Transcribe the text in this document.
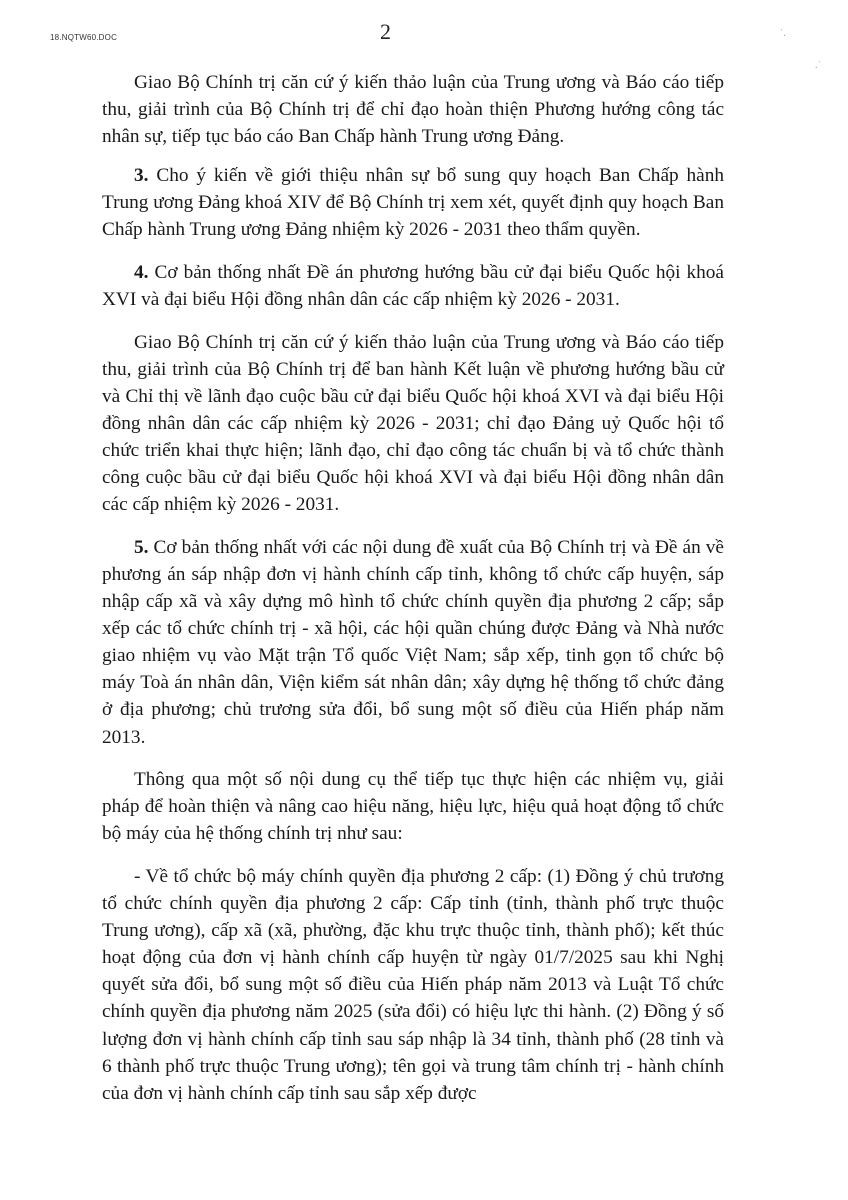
18.NQTW60.DOC	2	ˈ.
.ˈ

Giao Bộ Chính trị căn cứ ý kiến thảo luận của Trung ương và Báo cáo tiếp thu, giải trình của Bộ Chính trị để chỉ đạo hoàn thiện Phương hướng công tác nhân sự, tiếp tục báo cáo Ban Chấp hành Trung ương Đảng.

3. Cho ý kiến về giới thiệu nhân sự bổ sung quy hoạch Ban Chấp hành Trung ương Đảng khoá XIV để Bộ Chính trị xem xét, quyết định quy hoạch Ban Chấp hành Trung ương Đảng nhiệm kỳ 2026 - 2031 theo thẩm quyền.

4. Cơ bản thống nhất Đề án phương hướng bầu cử đại biểu Quốc hội khoá XVI và đại biểu Hội đồng nhân dân các cấp nhiệm kỳ 2026 - 2031.

Giao Bộ Chính trị căn cứ ý kiến thảo luận của Trung ương và Báo cáo tiếp thu, giải trình của Bộ Chính trị để ban hành Kết luận về phương hướng bầu cử và Chỉ thị về lãnh đạo cuộc bầu cử đại biểu Quốc hội khoá XVI và đại biểu Hội đồng nhân dân các cấp nhiệm kỳ 2026 - 2031; chỉ đạo Đảng uỷ Quốc hội tổ chức triển khai thực hiện; lãnh đạo, chỉ đạo công tác chuẩn bị và tổ chức thành công cuộc bầu cử đại biểu Quốc hội khoá XVI và đại biểu Hội đồng nhân dân các cấp nhiệm kỳ 2026 - 2031.

5. Cơ bản thống nhất với các nội dung đề xuất của Bộ Chính trị và Đề án về phương án sáp nhập đơn vị hành chính cấp tỉnh, không tổ chức cấp huyện, sáp nhập cấp xã và xây dựng mô hình tổ chức chính quyền địa phương 2 cấp; sắp xếp các tổ chức chính trị - xã hội, các hội quần chúng được Đảng và Nhà nước giao nhiệm vụ vào Mặt trận Tổ quốc Việt Nam; sắp xếp, tinh gọn tổ chức bộ máy Toà án nhân dân, Viện kiểm sát nhân dân; xây dựng hệ thống tổ chức đảng ở địa phương; chủ trương sửa đổi, bổ sung một số điều của Hiến pháp năm 2013.

Thông qua một số nội dung cụ thể tiếp tục thực hiện các nhiệm vụ, giải pháp để hoàn thiện và nâng cao hiệu năng, hiệu lực, hiệu quả hoạt động tổ chức bộ máy của hệ thống chính trị như sau:

- Về tổ chức bộ máy chính quyền địa phương 2 cấp: (1) Đồng ý chủ trương tổ chức chính quyền địa phương 2 cấp: Cấp tỉnh (tỉnh, thành phố trực thuộc Trung ương), cấp xã (xã, phường, đặc khu trực thuộc tỉnh, thành phố); kết thúc hoạt động của đơn vị hành chính cấp huyện từ ngày 01/7/2025 sau khi Nghị quyết sửa đổi, bổ sung một số điều của Hiến pháp năm 2013 và Luật Tổ chức chính quyền địa phương năm 2025 (sửa đổi) có hiệu lực thi hành. (2) Đồng ý số lượng đơn vị hành chính cấp tỉnh sau sáp nhập là 34 tỉnh, thành phố (28 tỉnh và 6 thành phố trực thuộc Trung ương); tên gọi và trung tâm chính trị - hành chính của đơn vị hành chính cấp tỉnh sau sắp xếp được
